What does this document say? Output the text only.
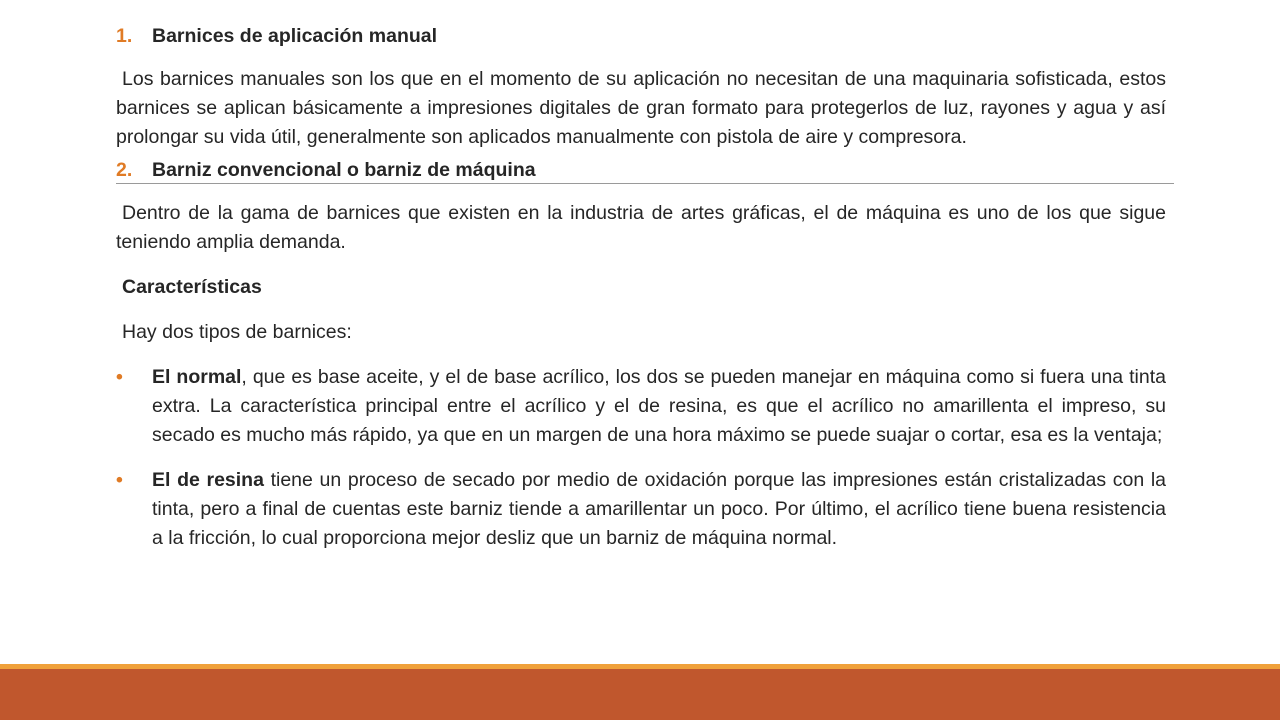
1.	Barnices de aplicación manual

Los barnices manuales son los que en el momento de su aplicación no necesitan de una maquinaria sofisticada, estos barnices se aplican básicamente a impresiones digitales de gran formato para protegerlos de luz, rayones y agua y así prolongar su vida útil, generalmente son aplicados manualmente con pistola de aire y compresora.

2.	Barniz convencional o barniz de máquina

Dentro de la gama de barnices que existen en la industria de artes gráficas, el de máquina es uno de los que sigue teniendo amplia demanda.

Características

Hay dos tipos de barnices:

•	El normal, que es base aceite, y el de base acrílico, los dos se pueden manejar en máquina como si fuera una tinta extra. La característica principal entre el acrílico y el de resina, es que el acrílico no amarillenta el impreso, su secado es mucho más rápido, ya que en un margen de una hora máximo se puede suajar o cortar, esa es la ventaja;
•	El de resina tiene un proceso de secado por medio de oxidación porque las impresiones están cristalizadas con la tinta, pero a final de cuentas este barniz tiende a amarillentar un poco. Por último, el acrílico tiene buena resistencia a la fricción, lo cual proporciona mejor desliz que un barniz de máquina normal.
